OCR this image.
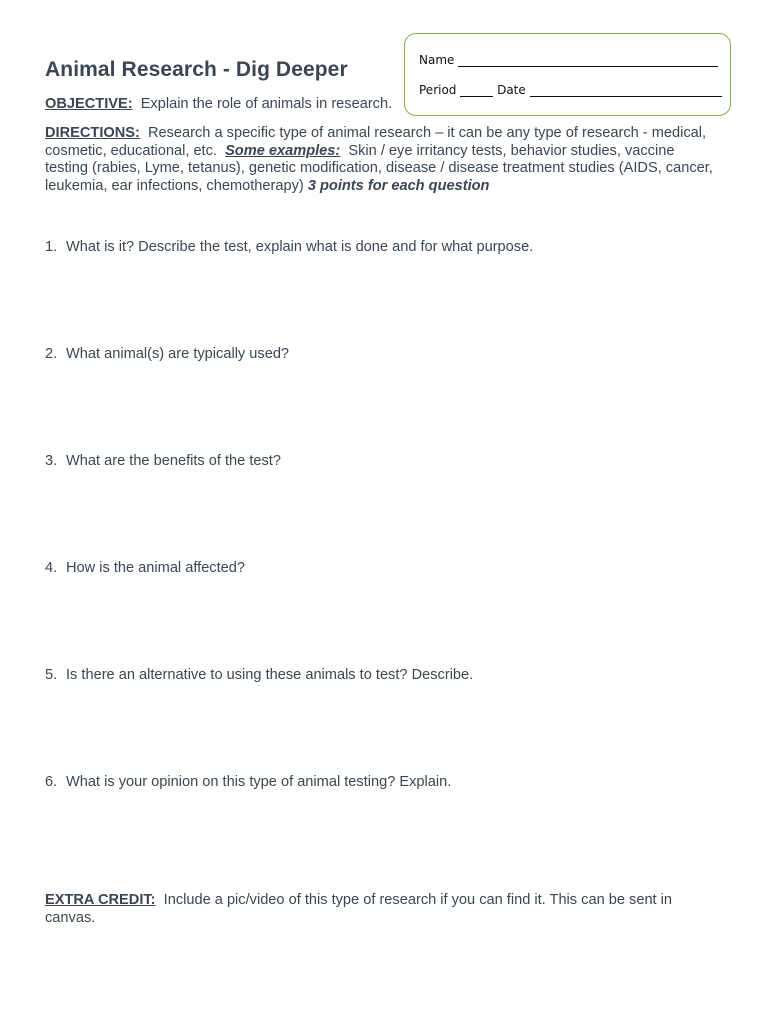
Animal Research - Dig Deeper	Name
Period	Date
OBJECTIVE: Explain the role of animals in research.
DIRECTIONS: Research a specific type of animal research – it can be any type of research - medical, cosmetic, educational, etc. Some examples: Skin / eye irritancy tests, behavior studies, vaccine testing (rabies, Lyme, tetanus), genetic modification, disease / disease treatment studies (AIDS, cancer, leukemia, ear infections, chemotherapy) 3 points for each question
1. What is it? Describe the test, explain what is done and for what purpose.
2. What animal(s) are typically used?
3. What are the benefits of the test?
4. How is the animal affected?
5. Is there an alternative to using these animals to test? Describe.
6. What is your opinion on this type of animal testing? Explain.
EXTRA CREDIT: Include a pic/video of this type of research if you can find it. This can be sent in canvas.
